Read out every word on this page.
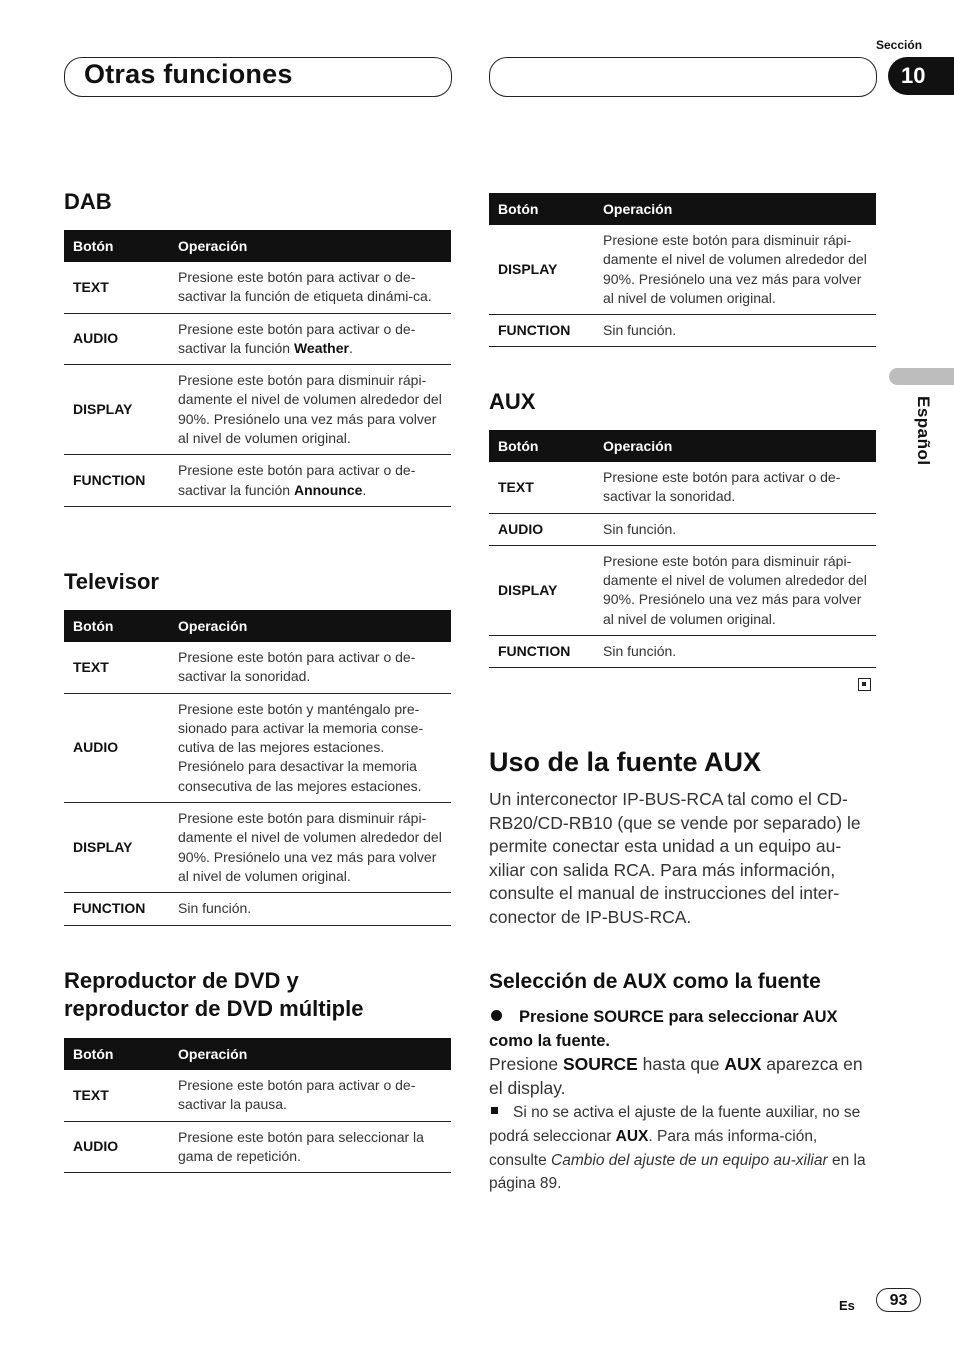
Otras funciones
Sección
10
Español
DAB
Botón	Operación
TEXT	Presione este botón para activar o de-sactivar la función de etiqueta dinámi-ca.
AUDIO	Presione este botón para activar o de-sactivar la función Weather.
DISPLAY	Presione este botón para disminuir rápi-damente el nivel de volumen alrededor del 90%. Presiónelo una vez más para volver al nivel de volumen original.
FUNCTION	Presione este botón para activar o de-sactivar la función Announce.
Televisor
Botón	Operación
TEXT	Presione este botón para activar o de-sactivar la sonoridad.
AUDIO	Presione este botón y manténgalo pre-sionado para activar la memoria conse-cutiva de las mejores estaciones. Presiónelo para desactivar la memoria consecutiva de las mejores estaciones.
DISPLAY	Presione este botón para disminuir rápi-damente el nivel de volumen alrededor del 90%. Presiónelo una vez más para volver al nivel de volumen original.
FUNCTION	Sin función.
Reproductor de DVD y
reproductor de DVD múltiple
Botón	Operación
TEXT	Presione este botón para activar o de-sactivar la pausa.
AUDIO	Presione este botón para seleccionar la gama de repetición.
Botón	Operación
DISPLAY	Presione este botón para disminuir rápi-damente el nivel de volumen alrededor del 90%. Presiónelo una vez más para volver al nivel de volumen original.
FUNCTION	Sin función.
AUX
Botón	Operación
TEXT	Presione este botón para activar o de-sactivar la sonoridad.
AUDIO	Sin función.
DISPLAY	Presione este botón para disminuir rápi-damente el nivel de volumen alrededor del 90%. Presiónelo una vez más para volver al nivel de volumen original.
FUNCTION	Sin función.
Uso de la fuente AUX
Un interconector IP-BUS-RCA tal como el CD-RB20/CD-RB10 (que se vende por separado) le permite conectar esta unidad a un equipo au-xiliar con salida RCA. Para más información, consulte el manual de instrucciones del inter-conector de IP-BUS-RCA.
Selección de AUX como la fuente
Presione SOURCE para seleccionar AUX como la fuente.
Presione SOURCE hasta que AUX aparezca en el display.
Si no se activa el ajuste de la fuente auxiliar, no se podrá seleccionar AUX. Para más informa-ción, consulte Cambio del ajuste de un equipo au-xiliar en la página 89.
Es	93
